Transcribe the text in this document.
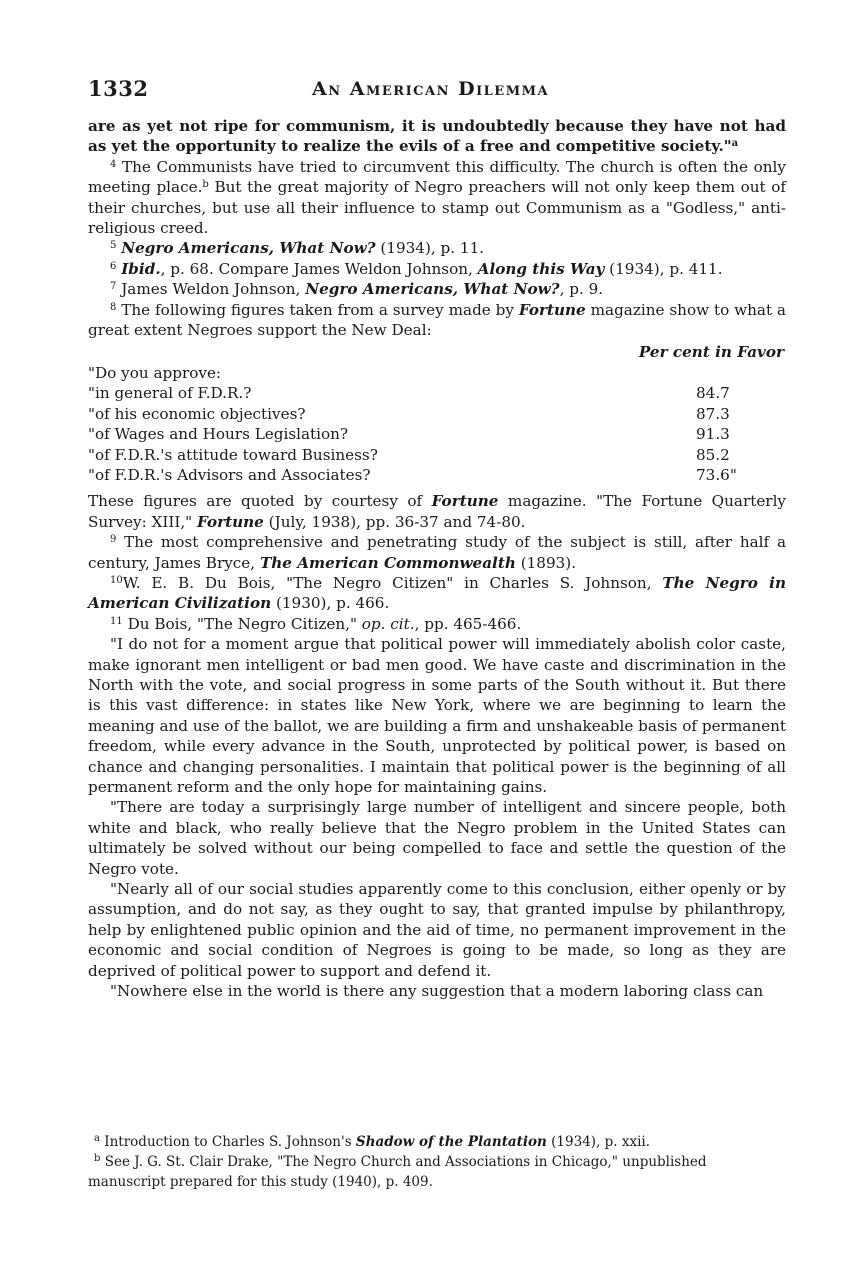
1332	An American Dilemma

are as yet not ripe for communism, it is undoubtedly because they have not had as yet the opportunity to realize the evils of a free and competitive society."$^a$

$^4$ The Communists have tried to circumvent this difficulty. The church is often the only meeting place.$^b$ But the great majority of Negro preachers will not only keep them out of their churches, but use all their influence to stamp out Communism as a "Godless," anti-religious creed.

$^5$ Negro Americans, What Now? (1934), p. 11.

$^6$ Ibid., p. 68. Compare James Weldon Johnson, Along this Way (1934), p. 411.

$^7$ James Weldon Johnson, Negro Americans, What Now?, p. 9.

$^8$ The following figures taken from a survey made by Fortune magazine show to what a great extent Negroes support the New Deal:

Per cent in Favor
"Do you approve:
"in general of F.D.R.?	84.7
"of his economic objectives?	87.3
"of Wages and Hours Legislation?	91.3
"of F.D.R.'s attitude toward Business?	85.2
"of F.D.R.'s Advisors and Associates?	73.6"

These figures are quoted by courtesy of Fortune magazine. "The Fortune Quarterly Survey: XIII," Fortune (July, 1938), pp. 36-37 and 74-80.

$^9$ The most comprehensive and penetrating study of the subject is still, after half a century, James Bryce, The American Commonwealth (1893).

$^{10}$W. E. B. Du Bois, "The Negro Citizen" in Charles S. Johnson, The Negro in American Civilization (1930), p. 466.

$^{11}$ Du Bois, "The Negro Citizen," op. cit., pp. 465-466.

"I do not for a moment argue that political power will immediately abolish color caste, make ignorant men intelligent or bad men good. We have caste and discrimination in the North with the vote, and social progress in some parts of the South without it. But there is this vast difference: in states like New York, where we are beginning to learn the meaning and use of the ballot, we are building a firm and unshakeable basis of permanent freedom, while every advance in the South, unprotected by political power, is based on chance and changing personalities. I maintain that political power is the beginning of all permanent reform and the only hope for maintaining gains.

"There are today a surprisingly large number of intelligent and sincere people, both white and black, who really believe that the Negro problem in the United States can ultimately be solved without our being compelled to face and settle the question of the Negro vote.

"Nearly all of our social studies apparently come to this conclusion, either openly or by assumption, and do not say, as they ought to say, that granted impulse by philanthropy, help by enlightened public opinion and the aid of time, no permanent improvement in the economic and social condition of Negroes is going to be made, so long as they are deprived of political power to support and defend it.

"Nowhere else in the world is there any suggestion that a modern laboring class can

$^a$ Introduction to Charles S. Johnson's Shadow of the Plantation (1934), p. xxii.

$^b$ See J. G. St. Clair Drake, "The Negro Church and Associations in Chicago," unpublished manuscript prepared for this study (1940), p. 409.
